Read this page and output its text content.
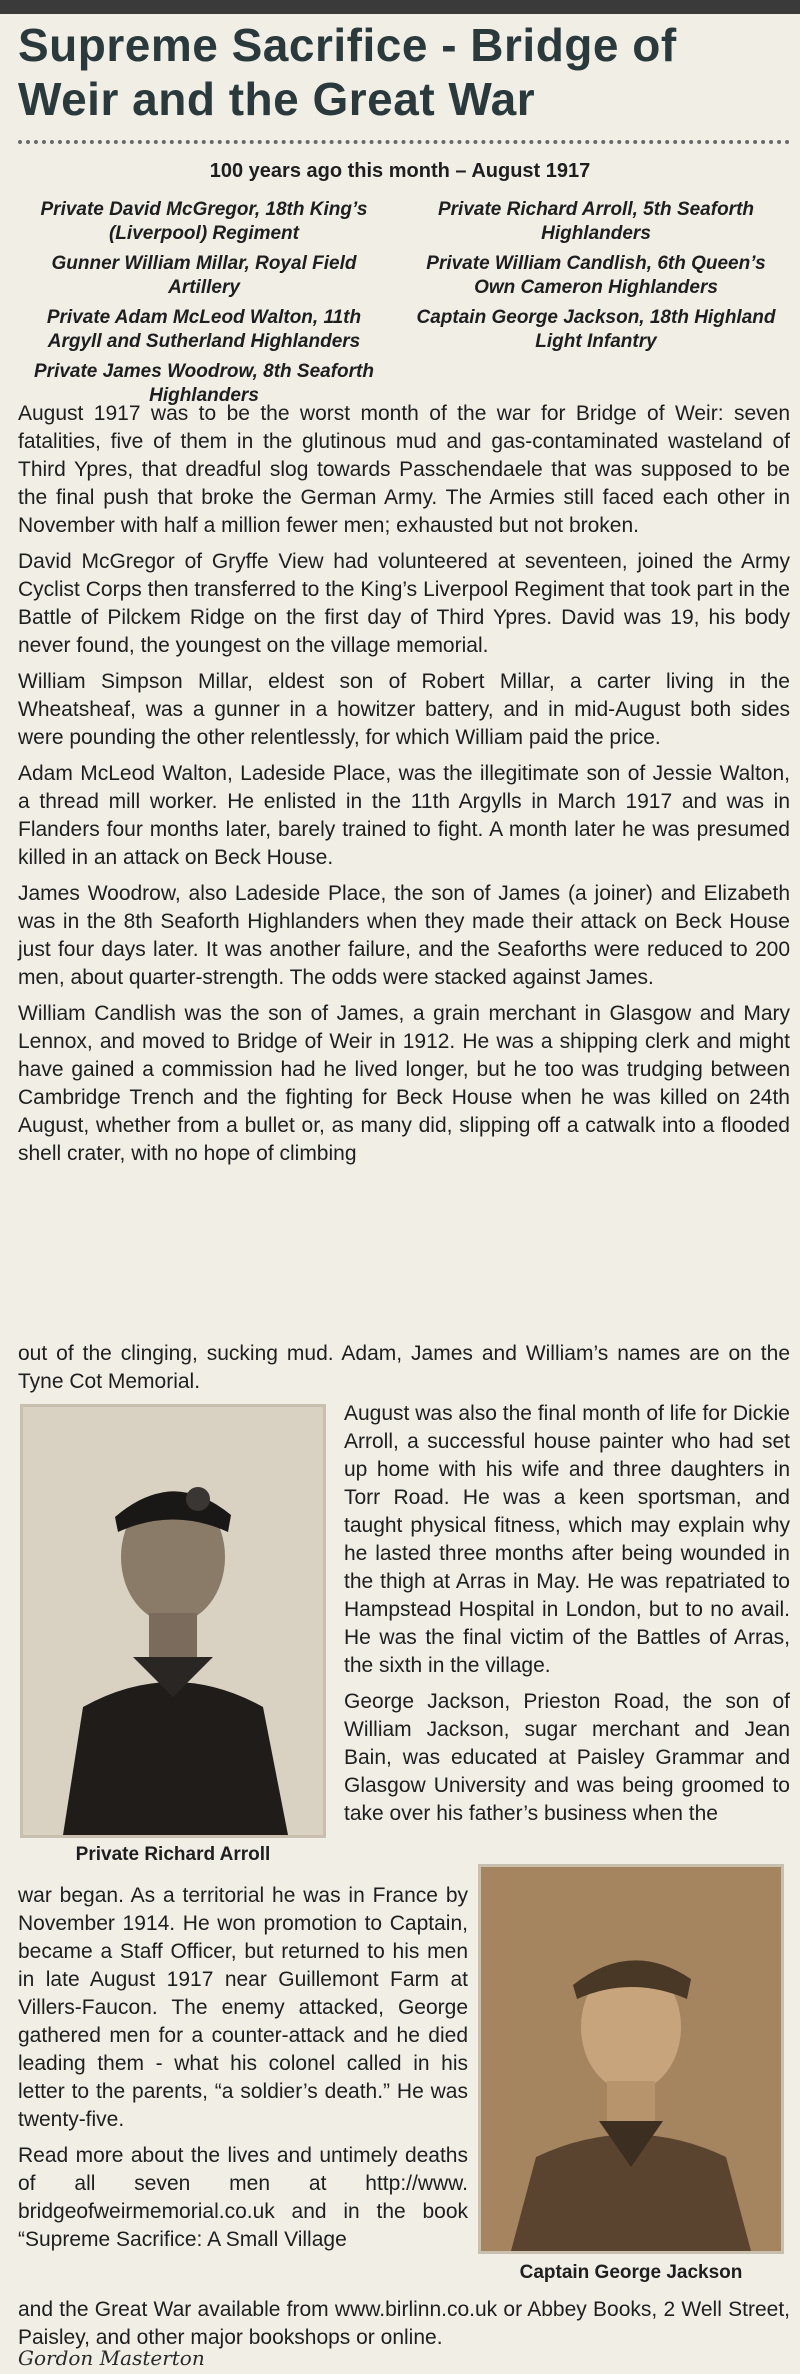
Supreme Sacrifice - Bridge of Weir and the Great War
100 years ago this month – August 1917
Private David McGregor, 18th King’s (Liverpool) Regiment
Private Richard Arroll, 5th Seaforth Highlanders
Gunner William Millar, Royal Field Artillery
Private William Candlish, 6th Queen’s Own Cameron Highlanders
Private Adam McLeod Walton, 11th Argyll and Sutherland Highlanders
Captain George Jackson, 18th Highland Light Infantry
Private James Woodrow, 8th Seaforth Highlanders

August 1917 was to be the worst month of the war for Bridge of Weir: seven fatalities, five of them in the glutinous mud and gas-contaminated wasteland of Third Ypres, that dreadful slog towards Passchendaele that was supposed to be the final push that broke the German Army. The Armies still faced each other in November with half a million fewer men; exhausted but not broken.

David McGregor of Gryffe View had volunteered at seventeen, joined the Army Cyclist Corps then transferred to the King’s Liverpool Regiment that took part in the Battle of Pilckem Ridge on the first day of Third Ypres. David was 19, his body never found, the youngest on the village memorial.

William Simpson Millar, eldest son of Robert Millar, a carter living in the Wheatsheaf, was a gunner in a howitzer battery, and in mid-August both sides were pounding the other relentlessly, for which William paid the price.

Adam McLeod Walton, Ladeside Place, was the illegitimate son of Jessie Walton, a thread mill worker. He enlisted in the 11th Argylls in March 1917 and was in Flanders four months later, barely trained to fight. A month later he was presumed killed in an attack on Beck House.

James Woodrow, also Ladeside Place, the son of James (a joiner) and Elizabeth was in the 8th Seaforth Highlanders when they made their attack on Beck House just four days later. It was another failure, and the Seaforths were reduced to 200 men, about quarter-strength. The odds were stacked against James.

William Candlish was the son of James, a grain merchant in Glasgow and Mary Lennox, and moved to Bridge of Weir in 1912. He was a shipping clerk and might have gained a commission had he lived longer, but he too was trudging between Cambridge Trench and the fighting for Beck House when he was killed on 24th August, whether from a bullet or, as many did, slipping off a catwalk into a flooded shell crater, with no hope of climbing

out of the clinging, sucking mud. Adam, James and William’s names are on the Tyne Cot Memorial.

Private Richard Arroll

August was also the final month of life for Dickie Arroll, a successful house painter who had set up home with his wife and three daughters in Torr Road. He was a keen sportsman, and taught physical fitness, which may explain why he lasted three months after being wounded in the thigh at Arras in May. He was repatriated to Hampstead Hospital in London, but to no avail. He was the final victim of the Battles of Arras, the sixth in the village.

George Jackson, Prieston Road, the son of William Jackson, sugar merchant and Jean Bain, was educated at Paisley Grammar and Glasgow University and was being groomed to take over his father’s business when the

war began. As a territorial he was in France by November 1914. He won promotion to Captain, became a Staff Officer, but returned to his men in late August 1917 near Guillemont Farm at Villers-Faucon. The enemy attacked, George gathered men for a counter-attack and he died leading them - what his colonel called in his letter to the parents, “a soldier’s death.” He was twenty-five.

Read more about the lives and untimely deaths of all seven men at http://www. bridgeofweirmemorial.co.uk and in the book “Supreme Sacrifice: A Small Village

Captain George Jackson

and the Great War available from www.birlinn.co.uk or Abbey Books, 2 Well Street, Paisley, and other major bookshops or online.

Gordon Masterton
